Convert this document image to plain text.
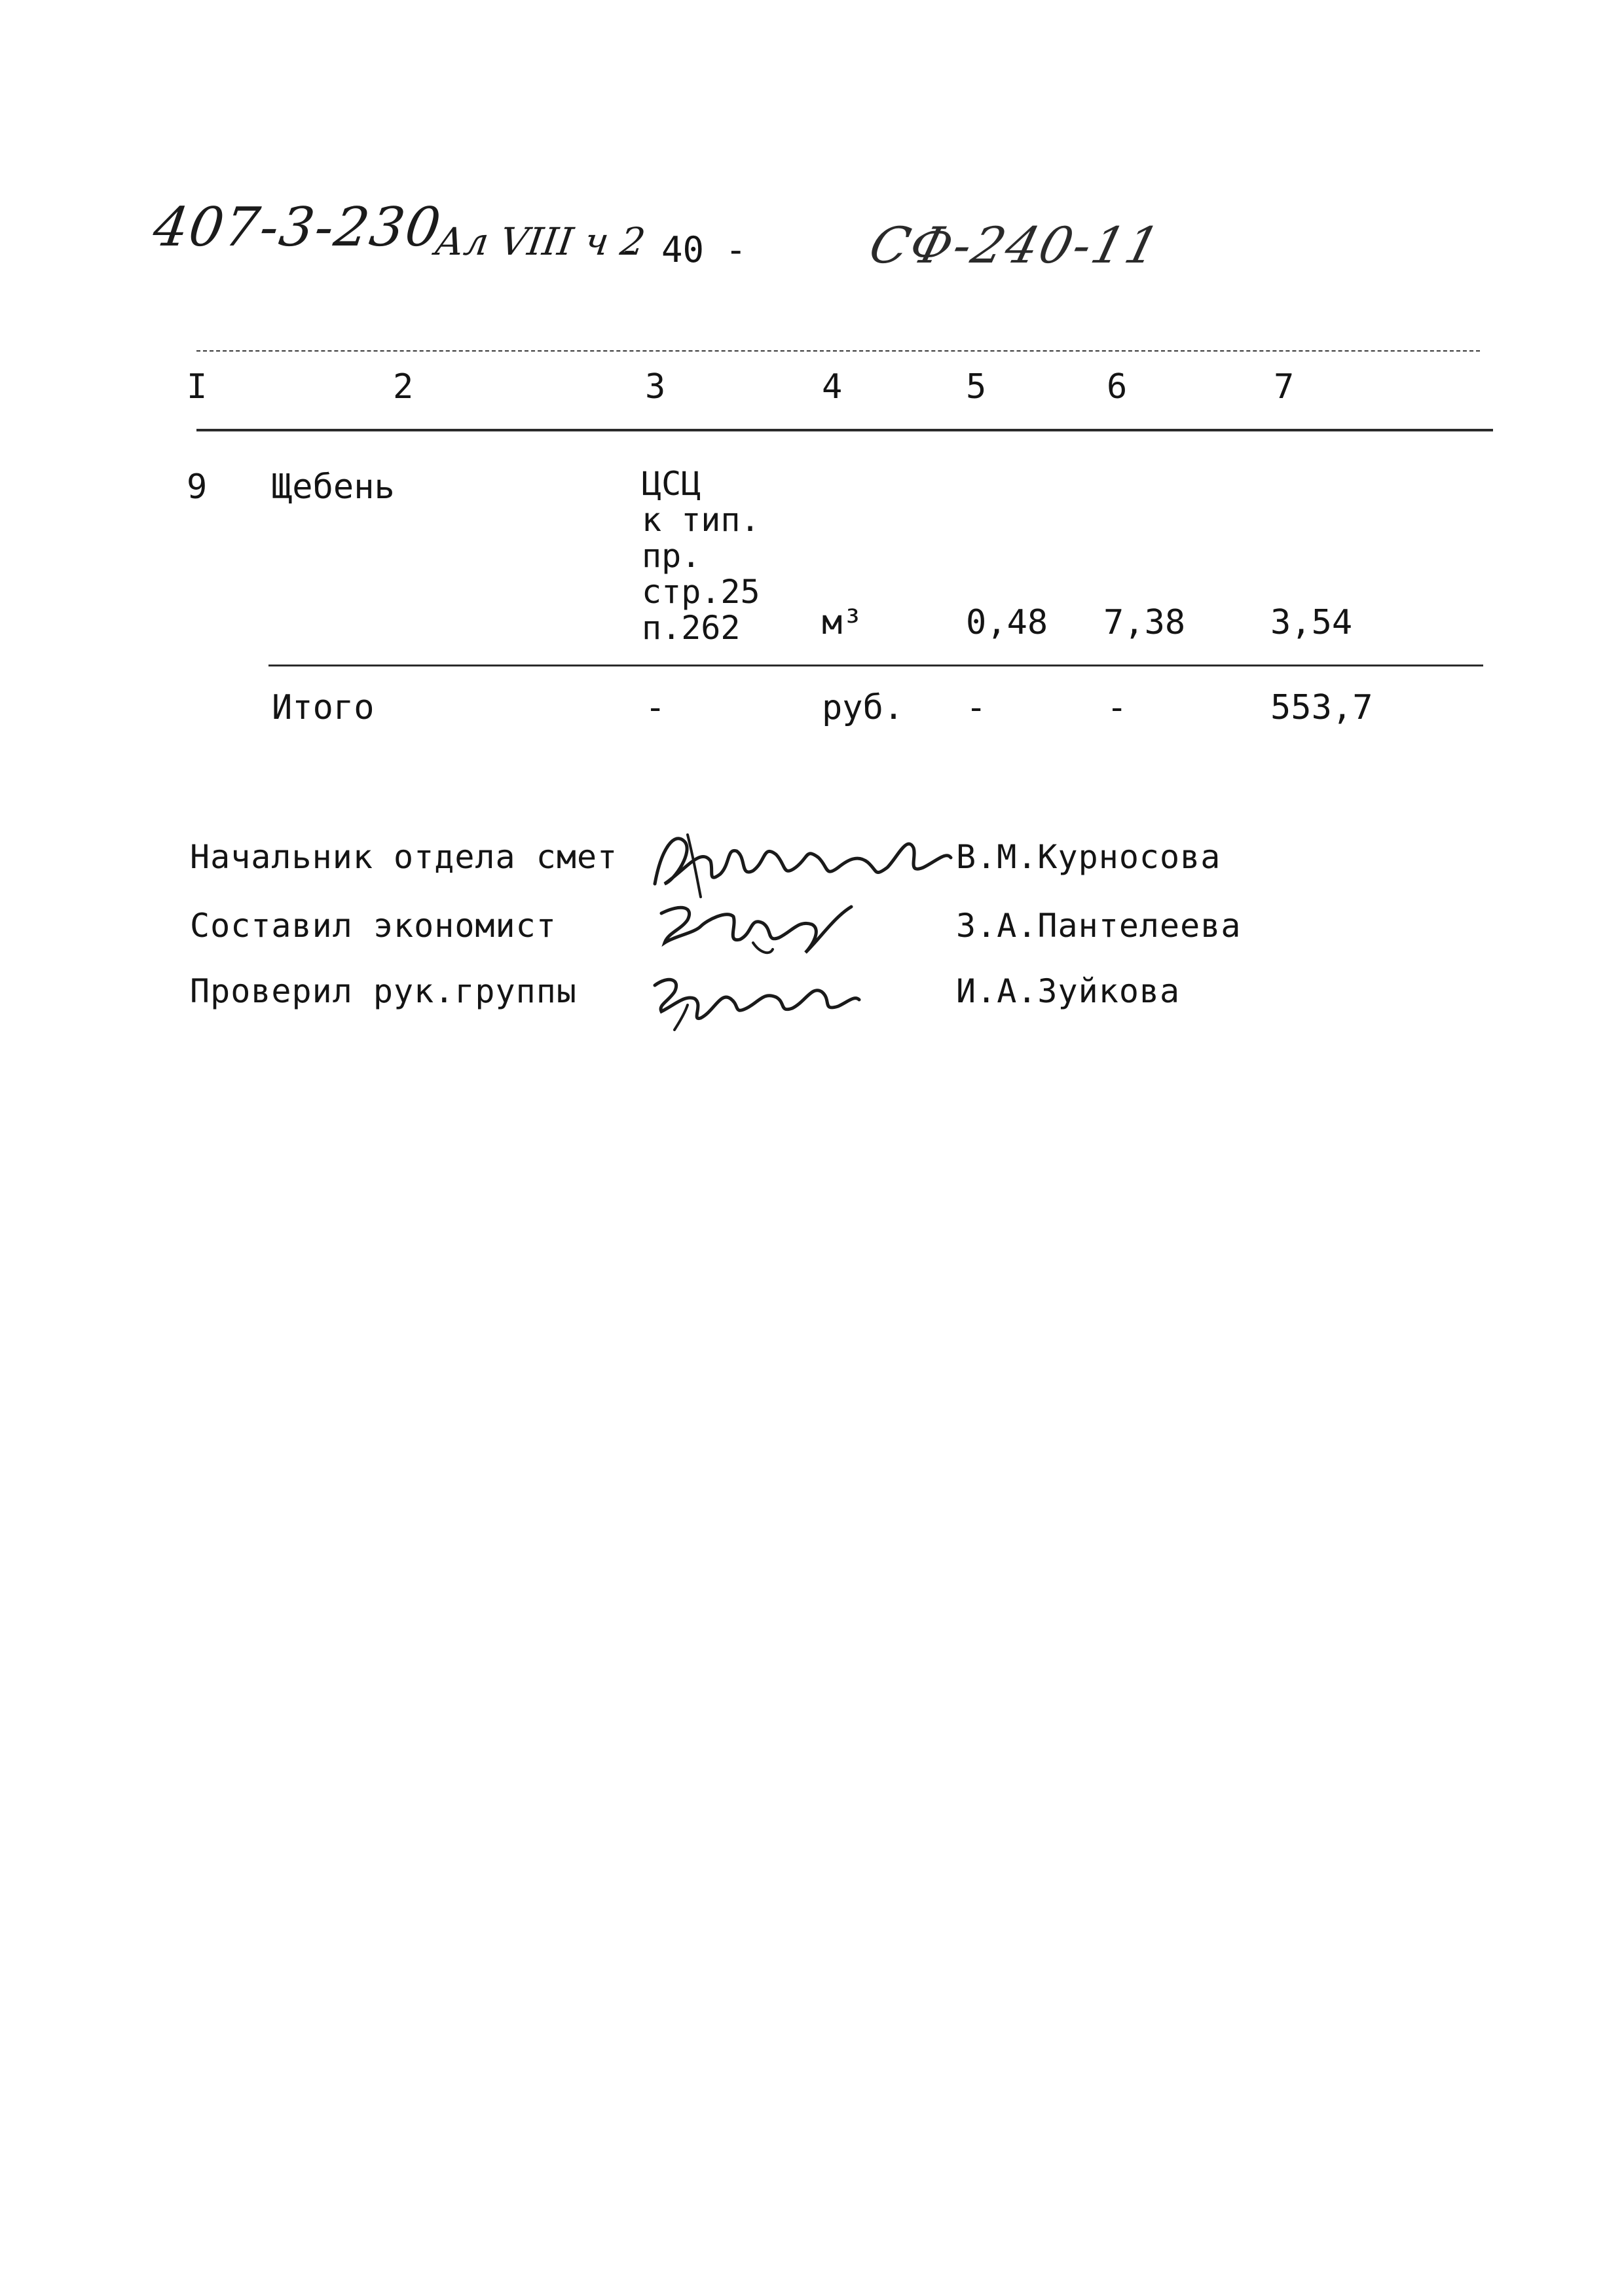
407-3-230
Ал VIII ч 2
- 40 - СФ-240-11
I	2	3	4	5	6	7
9 Щебень	ЦСЦ
к тип.
пр.
стр.25
п.262	м³	0,48 7,38 3,54
Итого	-	руб. -	-	553,7
Начальник отдела смет	В.М.Курносова
Составил экономист	З.А.Пантелеева
Проверил рук.группы	И.А.Зуйкова
